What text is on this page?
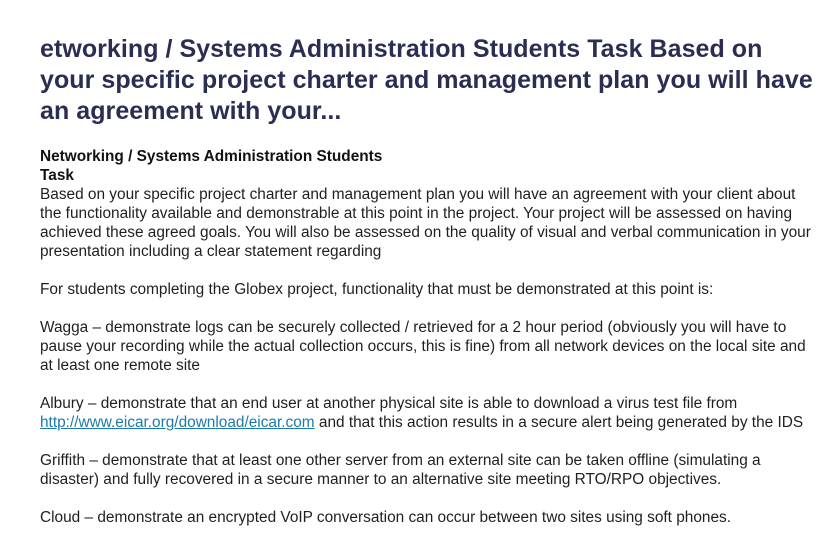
etworking / Systems Administration Students Task Based on your specific project charter and management plan you will have an agreement with your...
Networking / Systems Administration Students
Task

Based on your specific project charter and management plan you will have an agreement with your client about the functionality available and demonstrable at this point in the project. Your project will be assessed on having achieved these agreed goals. You will also be assessed on the quality of visual and verbal communication in your presentation including a clear statement regarding

For students completing the Globex project, functionality that must be demonstrated at this point is:

Wagga – demonstrate logs can be securely collected / retrieved for a 2 hour period (obviously you will have to pause your recording while the actual collection occurs, this is fine) from all network devices on the local site and at least one remote site

Albury – demonstrate that an end user at another physical site is able to download a virus test file from http://www.eicar.org/download/eicar.com and that this action results in a secure alert being generated by the IDS

Griffith – demonstrate that at least one other server from an external site can be taken offline (simulating a disaster) and fully recovered in a secure manner to an alternative site meeting RTO/RPO objectives.

Cloud – demonstrate an encrypted VoIP conversation can occur between two sites using soft phones.
